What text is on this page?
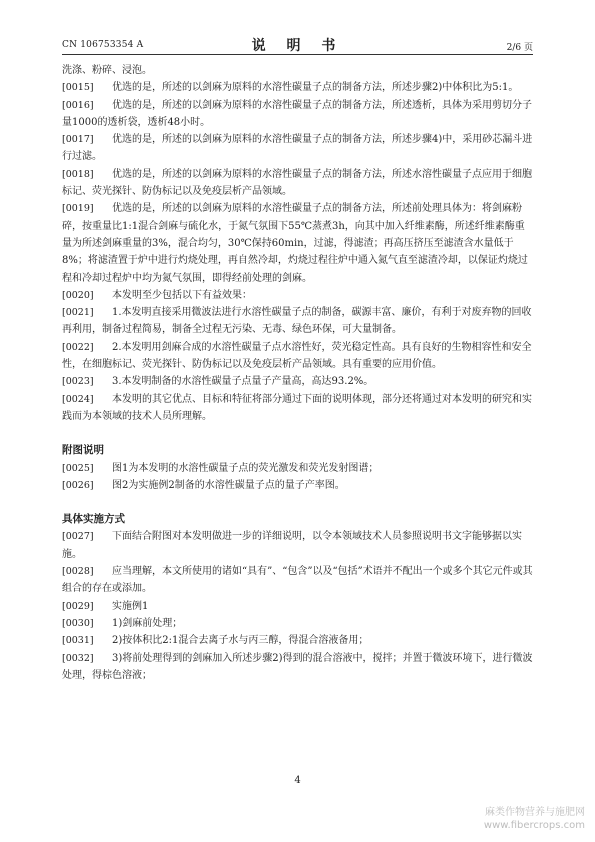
CN 106753354 A	说 明 书	2/6 页

洗涤、粉碎、浸泡。

[0015] 优选的是，所述的以剑麻为原料的水溶性碳量子点的制备方法，所述步骤2)中体积比为5:1。

[0016] 优选的是，所述的以剑麻为原料的水溶性碳量子点的制备方法，所述透析，具体为采用剪切分子量1000的透析袋，透析48小时。

[0017] 优选的是，所述的以剑麻为原料的水溶性碳量子点的制备方法，所述步骤4)中，采用砂芯漏斗进行过滤。

[0018] 优选的是，所述的以剑麻为原料的水溶性碳量子点的制备方法，所述水溶性碳量子点应用于细胞标记、荧光探针、防伪标记以及免疫层析产品领域。

[0019] 优选的是，所述的以剑麻为原料的水溶性碳量子点的制备方法，所述前处理具体为：将剑麻粉碎，按重量比1:1混合剑麻与硫化水，于氮气氛围下55℃蒸煮3h，向其中加入纤维素酶，所述纤维素酶重量为所述剑麻重量的3%，混合均匀，30℃保持60min，过滤，得滤渣；再高压挤压至滤渣含水量低于8%；将滤渣置于炉中进行灼烧处理，再自然冷却，灼烧过程往炉中通入氮气直至滤渣冷却，以保证灼烧过程和冷却过程炉中均为氮气氛围，即得经前处理的剑麻。

[0020] 本发明至少包括以下有益效果：

[0021] 1.本发明直接采用微波法进行水溶性碳量子点的制备，碳源丰富、廉价，有利于对废弃物的回收再利用，制备过程简易，制备全过程无污染、无毒、绿色环保，可大量制备。

[0022] 2.本发明用剑麻合成的水溶性碳量子点水溶性好，荧光稳定性高。具有良好的生物相容性和安全性，在细胞标记、荧光探针、防伪标记以及免疫层析产品领域。具有重要的应用价值。

[0023] 3.本发明制备的水溶性碳量子点量子产量高，高达93.2%。

[0024] 本发明的其它优点、目标和特征将部分通过下面的说明体现，部分还将通过对本发明的研究和实践而为本领域的技术人员所理解。

附图说明

[0025] 图1为本发明的水溶性碳量子点的荧光激发和荧光发射图谱；

[0026] 图2为实施例2制备的水溶性碳量子点的量子产率图。

具体实施方式

[0027] 下面结合附图对本发明做进一步的详细说明，以令本领域技术人员参照说明书文字能够据以实施。

[0028] 应当理解，本文所使用的诸如“具有”、“包含”以及“包括”术语并不配出一个或多个其它元件或其组合的存在或添加。

[0029] 实施例1

[0030] 1)剑麻前处理；

[0031] 2)按体积比2:1混合去离子水与丙三醇，得混合溶液备用；

[0032] 3)将前处理得到的剑麻加入所述步骤2)得到的混合溶液中，搅拌；并置于微波环境下，进行微波处理，得棕色溶液；

4
麻类作物营养与施肥网
www.fibercrops.com
